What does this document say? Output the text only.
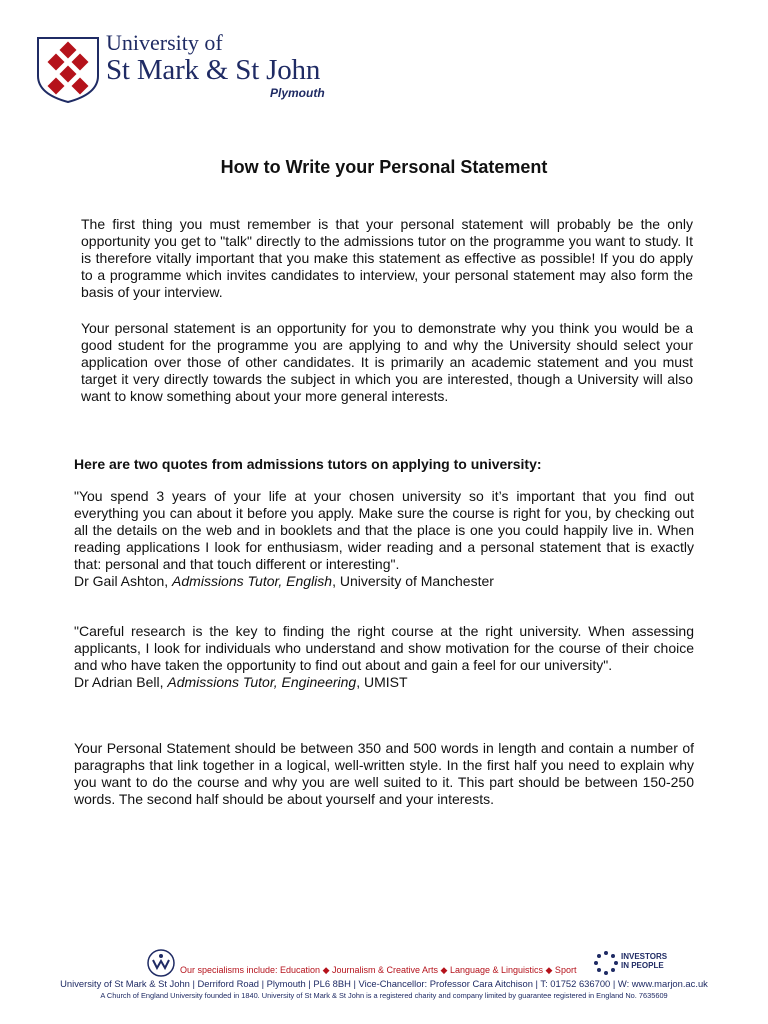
University of
St Mark & St John
Plymouth
How to Write your Personal Statement

The first thing you must remember is that your personal statement will probably be the only opportunity you get to "talk" directly to the admissions tutor on the programme you want to study. It is therefore vitally important that you make this statement as effective as possible! If you do apply to a programme which invites candidates to interview, your personal statement may also form the basis of your interview.

Your personal statement is an opportunity for you to demonstrate why you think you would be a good student for the programme you are applying to and why the University should select your application over those of other candidates. It is primarily an academic statement and you must target it very directly towards the subject in which you are interested, though a University will also want to know something about your more general interests.

Here are two quotes from admissions tutors on applying to university:

"You spend 3 years of your life at your chosen university so it’s important that you find out everything you can about it before you apply. Make sure the course is right for you, by checking out all the details on the web and in booklets and that the place is one you could happily live in. When reading applications I look for enthusiasm, wider reading and a personal statement that is exactly that: personal and that touch different or interesting".
Dr Gail Ashton, Admissions Tutor, English, University of Manchester
"Careful research is the key to finding the right course at the right university. When assessing applicants, I look for individuals who understand and show motivation for the course of their choice and who have taken the opportunity to find out about and gain a feel for our university".
Dr Adrian Bell, Admissions Tutor, Engineering, UMIST

Your Personal Statement should be between 350 and 500 words in length and contain a number of paragraphs that link together in a logical, well-written style. In the first half you need to explain why you want to do the course and why you are well suited to it. This part should be between 150-250 words. The second half should be about yourself and your interests.

Our specialisms include: Education ◆ Journalism & Creative Arts ◆ Language & Linguistics ◆ Sport
INVESTORS
IN PEOPLE
University of St Mark & St John | Derriford Road | Plymouth | PL6 8BH | Vice-Chancellor: Professor Cara Aitchison | T: 01752 636700 | W: www.marjon.ac.uk
A Church of England University founded in 1840. University of St Mark & St John is a registered charity and company limited by guarantee registered in England No. 7635609
